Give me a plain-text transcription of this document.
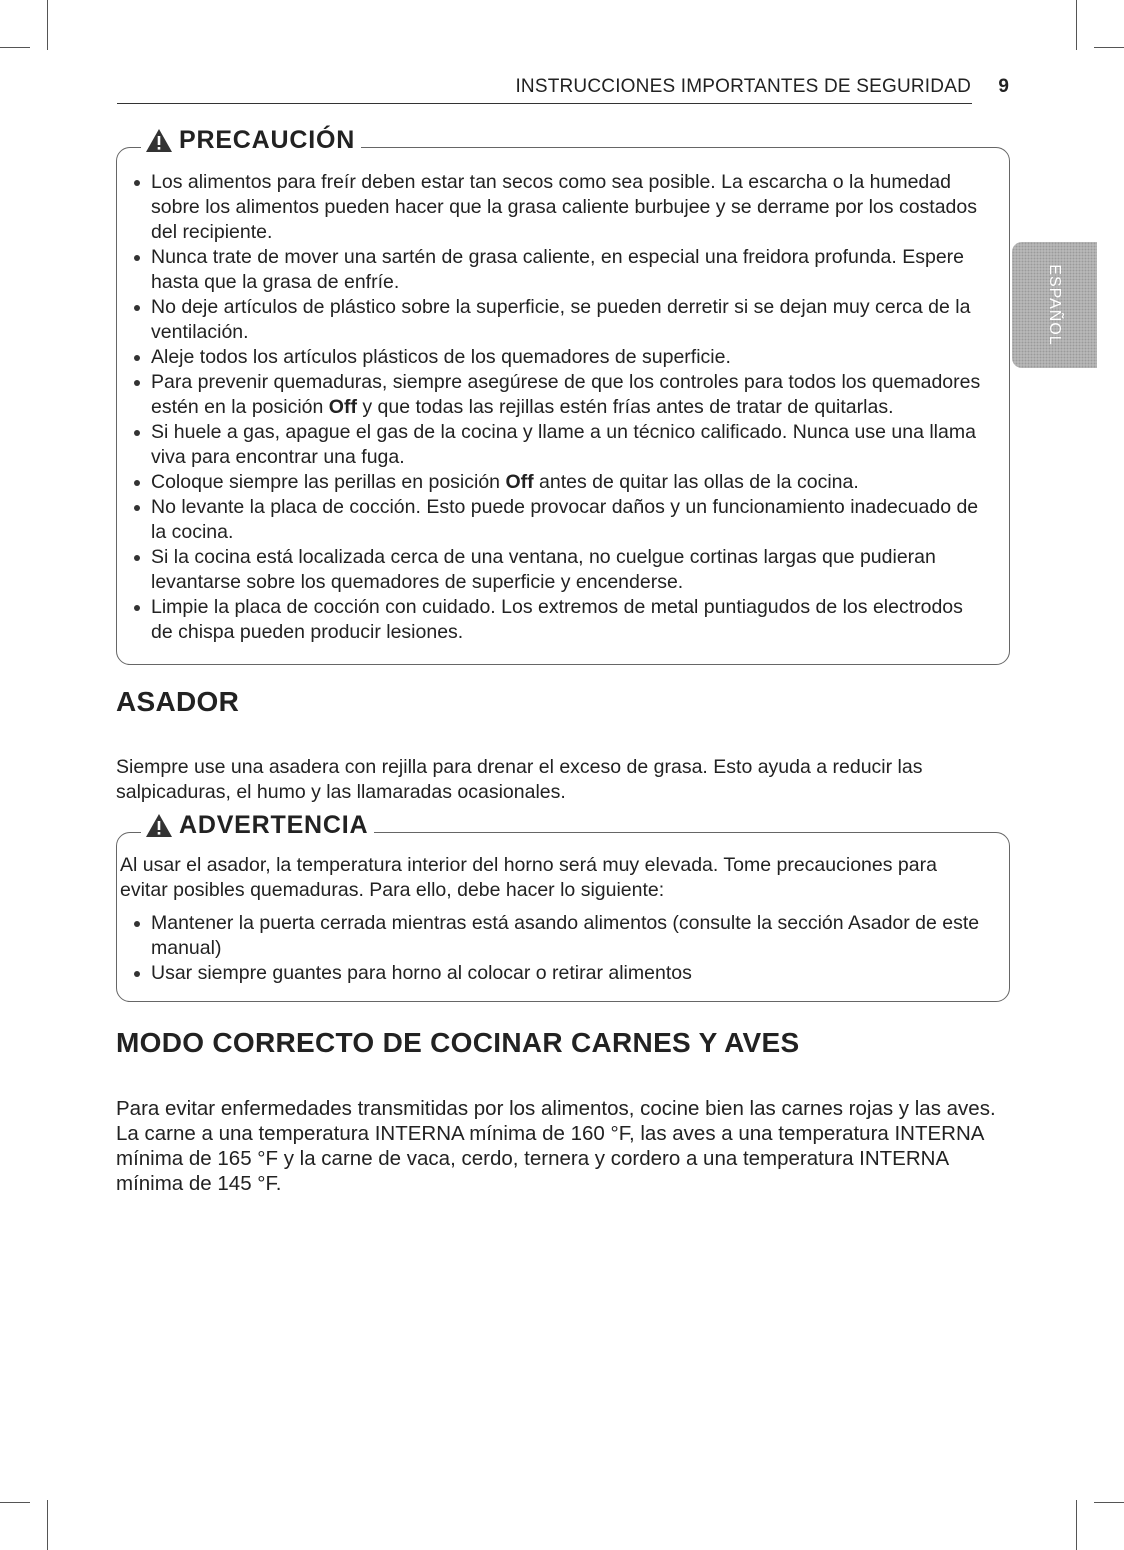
INSTRUCCIONES IMPORTANTES DE SEGURIDAD 9
ESPAÑOL
PRECAUCIÓN
Los alimentos para freír deben estar tan secos como sea posible. La escarcha o la humedad
sobre los alimentos pueden hacer que la grasa caliente burbujee y se derrame por los costados
del recipiente.
Nunca trate de mover una sartén de grasa caliente, en especial una freidora profunda. Espere
hasta que la grasa de enfríe.
No deje artículos de plástico sobre la superficie, se pueden derretir si se dejan muy cerca de la
ventilación.
Aleje todos los artículos plásticos de los quemadores de superficie.
Para prevenir quemaduras, siempre asegúrese de que los controles para todos los quemadores
estén en la posición Off y que todas las rejillas estén frías antes de tratar de quitarlas.
Si huele a gas, apague el gas de la cocina y llame a un técnico calificado. Nunca use una llama
viva para encontrar una fuga.
Coloque siempre las perillas en posición Off antes de quitar las ollas de la cocina.
No levante la placa de cocción. Esto puede provocar daños y un funcionamiento inadecuado de
la cocina.
Si la cocina está localizada cerca de una ventana, no cuelgue cortinas largas que pudieran
levantarse sobre los quemadores de superficie y encenderse.
Limpie la placa de cocción con cuidado. Los extremos de metal puntiagudos de los electrodos
de chispa pueden producir lesiones.
ASADOR

Siempre use una asadera con rejilla para drenar el exceso de grasa. Esto ayuda a reducir las
salpicaduras, el humo y las llamaradas ocasionales.

ADVERTENCIA

Al usar el asador, la temperatura interior del horno será muy elevada. Tome precauciones para
evitar posibles quemaduras. Para ello, debe hacer lo siguiente:

Mantener la puerta cerrada mientras está asando alimentos (consulte la sección Asador de este
manual)
Usar siempre guantes para horno al colocar o retirar alimentos
MODO CORRECTO DE COCINAR CARNES Y AVES

Para evitar enfermedades transmitidas por los alimentos, cocine bien las carnes rojas y las aves.
La carne a una temperatura INTERNA mínima de 160 °F, las aves a una temperatura INTERNA
mínima de 165 °F y la carne de vaca, cerdo, ternera y cordero a una temperatura INTERNA
mínima de 145 °F.
